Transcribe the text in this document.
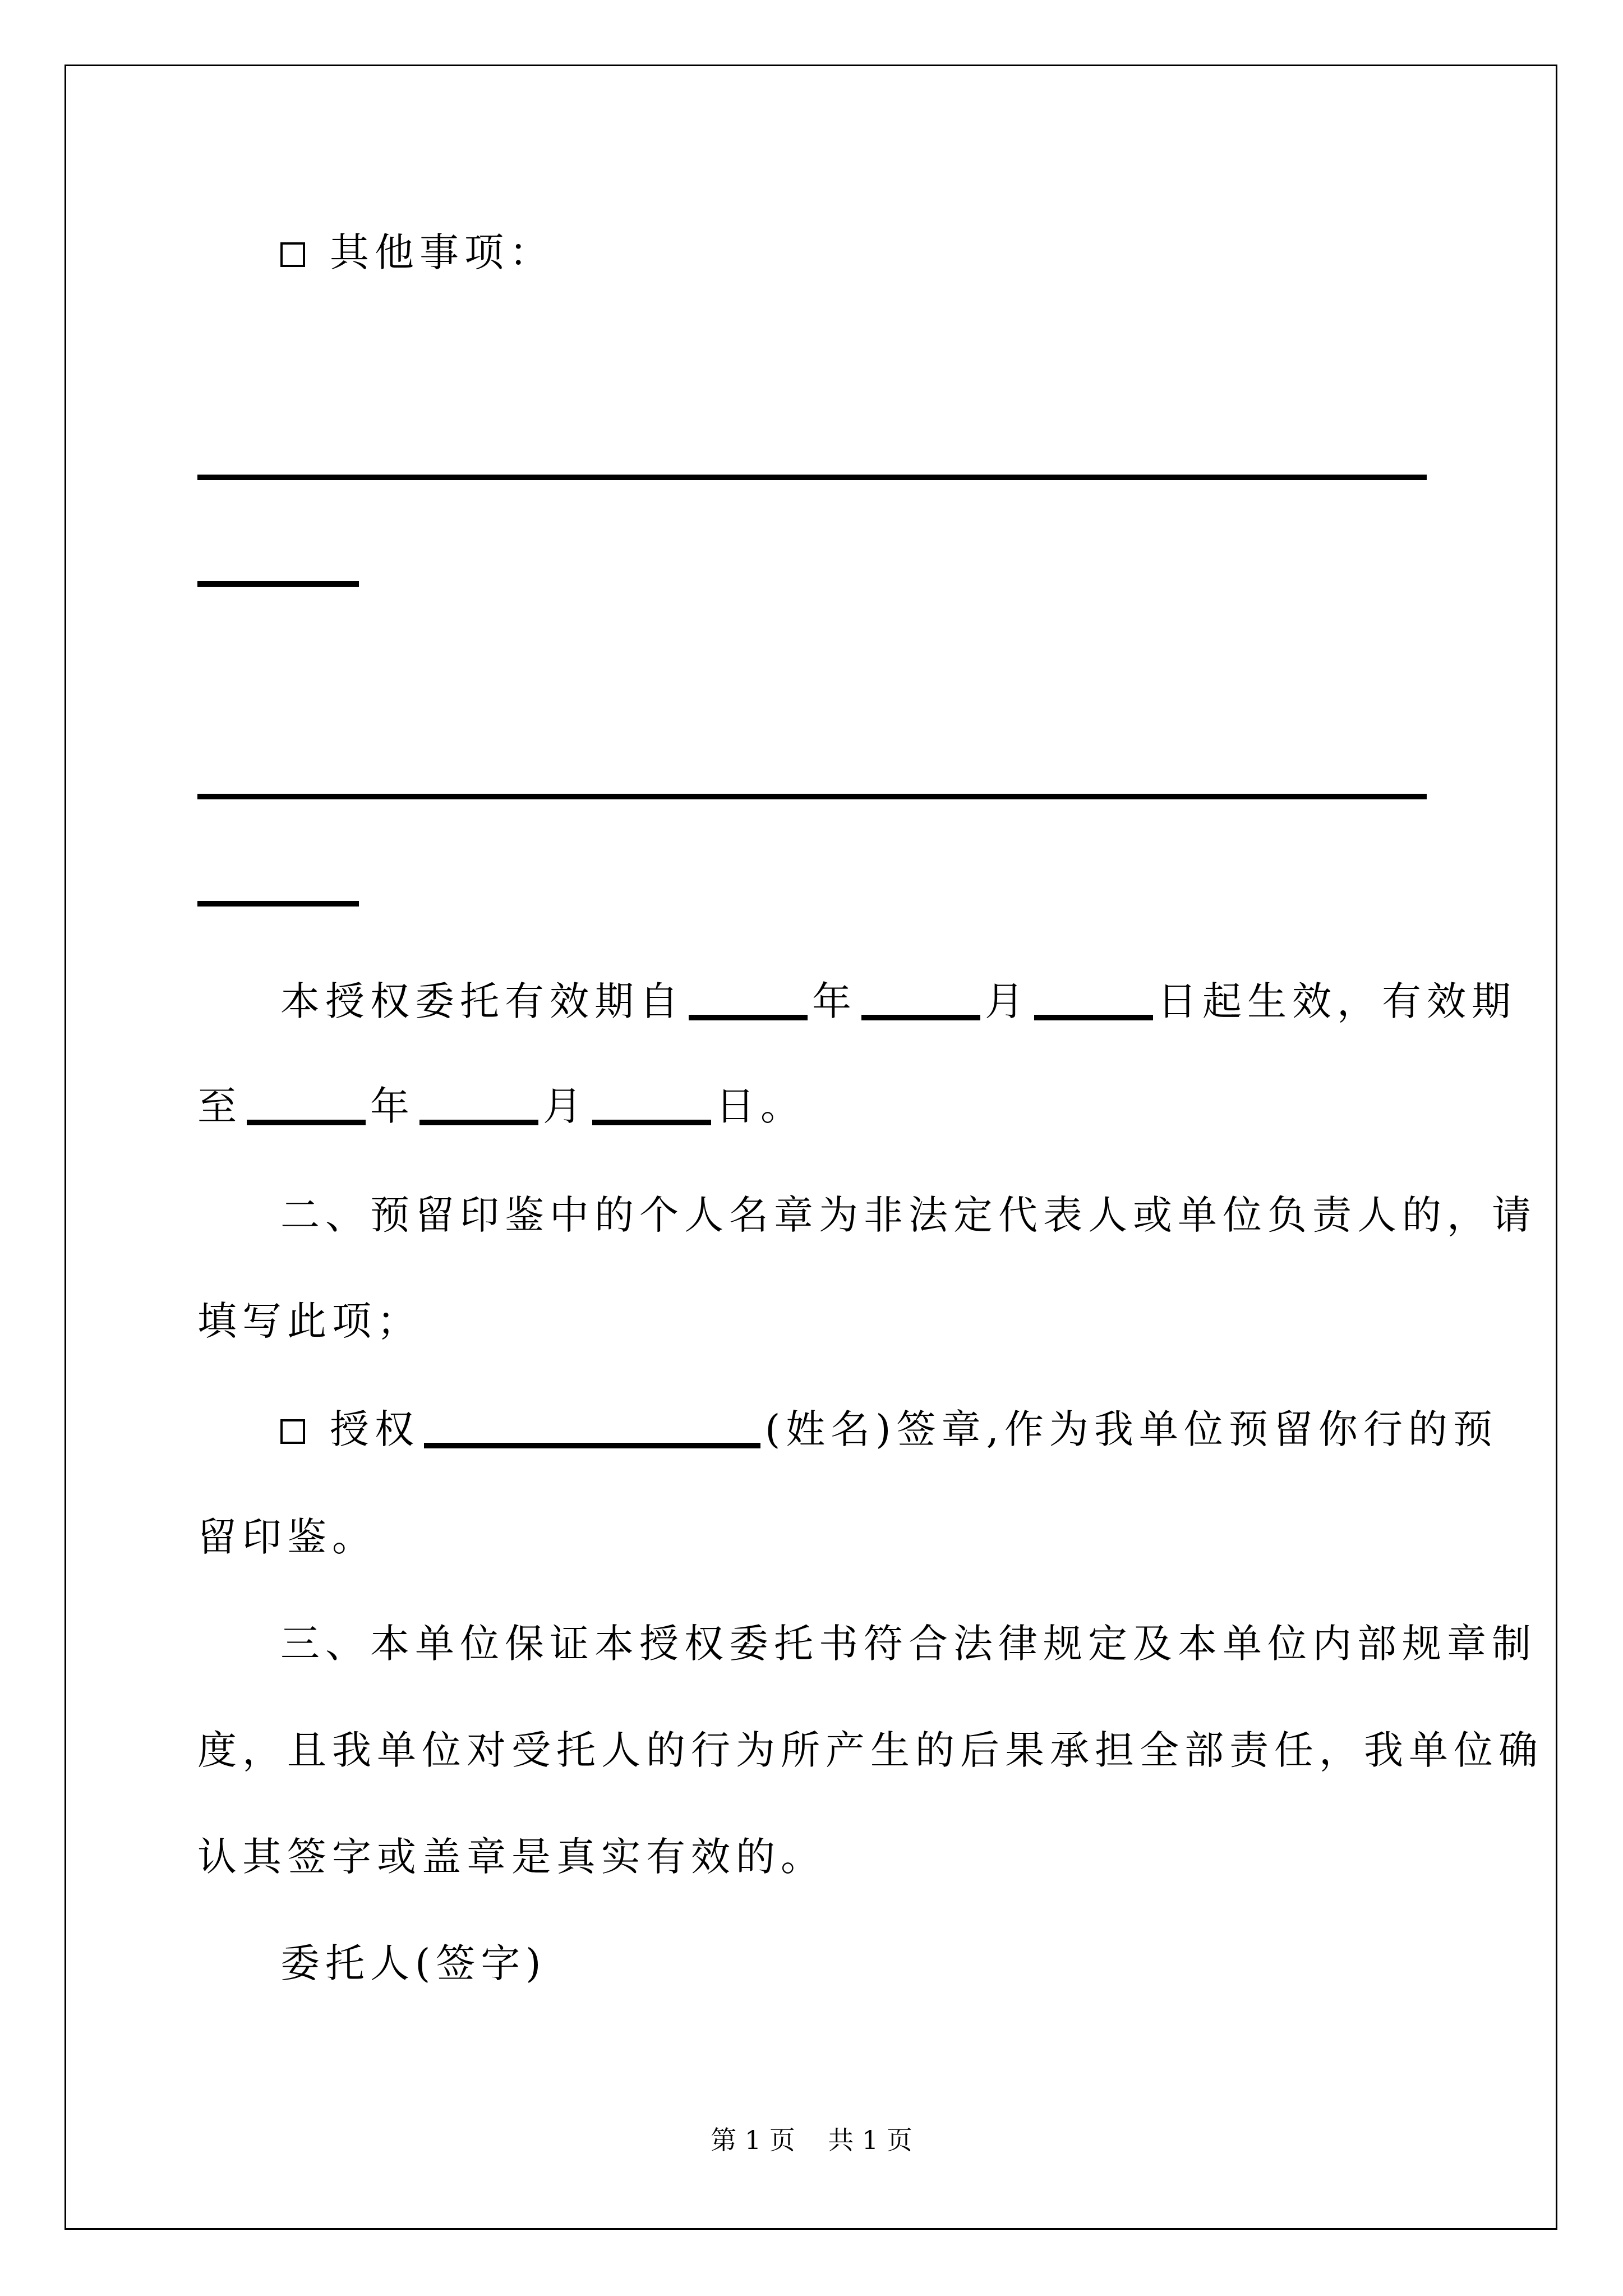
其他事项：
本授权委托有效期自	年	月	日起生效，有效期
至	年	月	日。
二、预留印鉴中的个人名章为非法定代表人或单位负责人的，请
填写此项；
授权	(姓名)签章,作为我单位预留你行的预
留印鉴。
三、本单位保证本授权委托书符合法律规定及本单位内部规章制
度，且我单位对受托人的行为所产生的后果承担全部责任，我单位确
认其签字或盖章是真实有效的。
委托人(签字)
第 1 页    共 1 页
